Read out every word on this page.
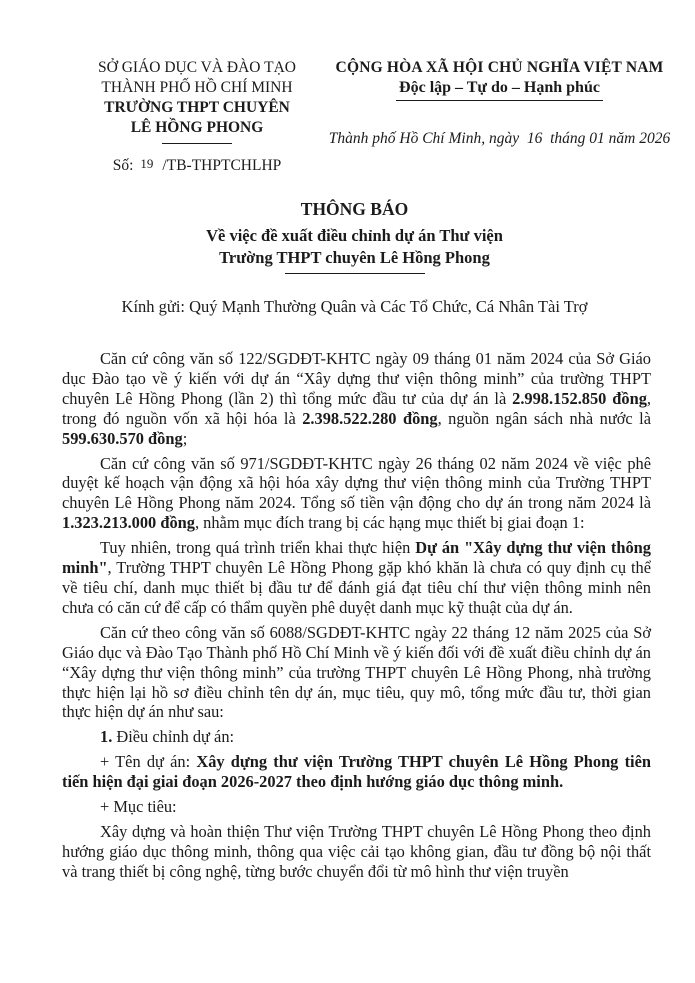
SỞ GIÁO DỤC VÀ ĐÀO TẠO
THÀNH PHỐ HỒ CHÍ MINH
TRƯỜNG THPT CHUYÊN
LÊ HỒNG PHONG
Số: 19 /TB-THPTCHLHP
CỘNG HÒA XÃ HỘI CHỦ NGHĨA VIỆT NAM
Độc lập – Tự do – Hạnh phúc
Thành phố Hồ Chí Minh, ngày  16  tháng 01 năm 2026
THÔNG BÁO
Về việc đề xuất điều chỉnh dự án Thư viện
Trường THPT chuyên Lê Hồng Phong
Kính gửi: Quý Mạnh Thường Quân và Các Tổ Chức, Cá Nhân Tài Trợ

Căn cứ công văn số 122/SGDĐT-KHTC ngày 09 tháng 01 năm 2024 của Sở Giáo dục Đào tạo về ý kiến với dự án “Xây dựng thư viện thông minh” của trường THPT chuyên Lê Hồng Phong (lần 2) thì tổng mức đầu tư của dự án là 2.998.152.850 đồng, trong đó nguồn vốn xã hội hóa là 2.398.522.280 đồng, nguồn ngân sách nhà nước là 599.630.570 đồng;

Căn cứ công văn số 971/SGDĐT-KHTC ngày 26 tháng 02 năm 2024 về việc phê duyệt kế hoạch vận động xã hội hóa xây dựng thư viện thông minh của Trường THPT chuyên Lê Hồng Phong năm 2024. Tổng số tiền vận động cho dự án trong năm 2024 là 1.323.213.000 đồng, nhằm mục đích trang bị các hạng mục thiết bị giai đoạn 1:

Tuy nhiên, trong quá trình triển khai thực hiện Dự án "Xây dựng thư viện thông minh", Trường THPT chuyên Lê Hồng Phong gặp khó khăn là chưa có quy định cụ thể về tiêu chí, danh mục thiết bị đầu tư để đánh giá đạt tiêu chí thư viện thông minh nên chưa có căn cứ để cấp có thẩm quyền phê duyệt danh mục kỹ thuật của dự án.

Căn cứ theo công văn số 6088/SGDĐT-KHTC ngày 22 tháng 12 năm 2025 của Sở Giáo dục và Đào Tạo Thành phố Hồ Chí Minh về ý kiến đối với đề xuất điều chỉnh dự án “Xây dựng thư viện thông minh” của trường THPT chuyên Lê Hồng Phong, nhà trường thực hiện lại hồ sơ điều chỉnh tên dự án, mục tiêu, quy mô, tổng mức đầu tư, thời gian thực hiện dự án như sau:

1. Điều chỉnh dự án:

+ Tên dự án: Xây dựng thư viện Trường THPT chuyên Lê Hồng Phong tiên tiến hiện đại giai đoạn 2026-2027 theo định hướng giáo dục thông minh.

+ Mục tiêu:

Xây dựng và hoàn thiện Thư viện Trường THPT chuyên Lê Hồng Phong theo định hướng giáo dục thông minh, thông qua việc cải tạo không gian, đầu tư đồng bộ nội thất và trang thiết bị công nghệ, từng bước chuyển đổi từ mô hình thư viện truyền
